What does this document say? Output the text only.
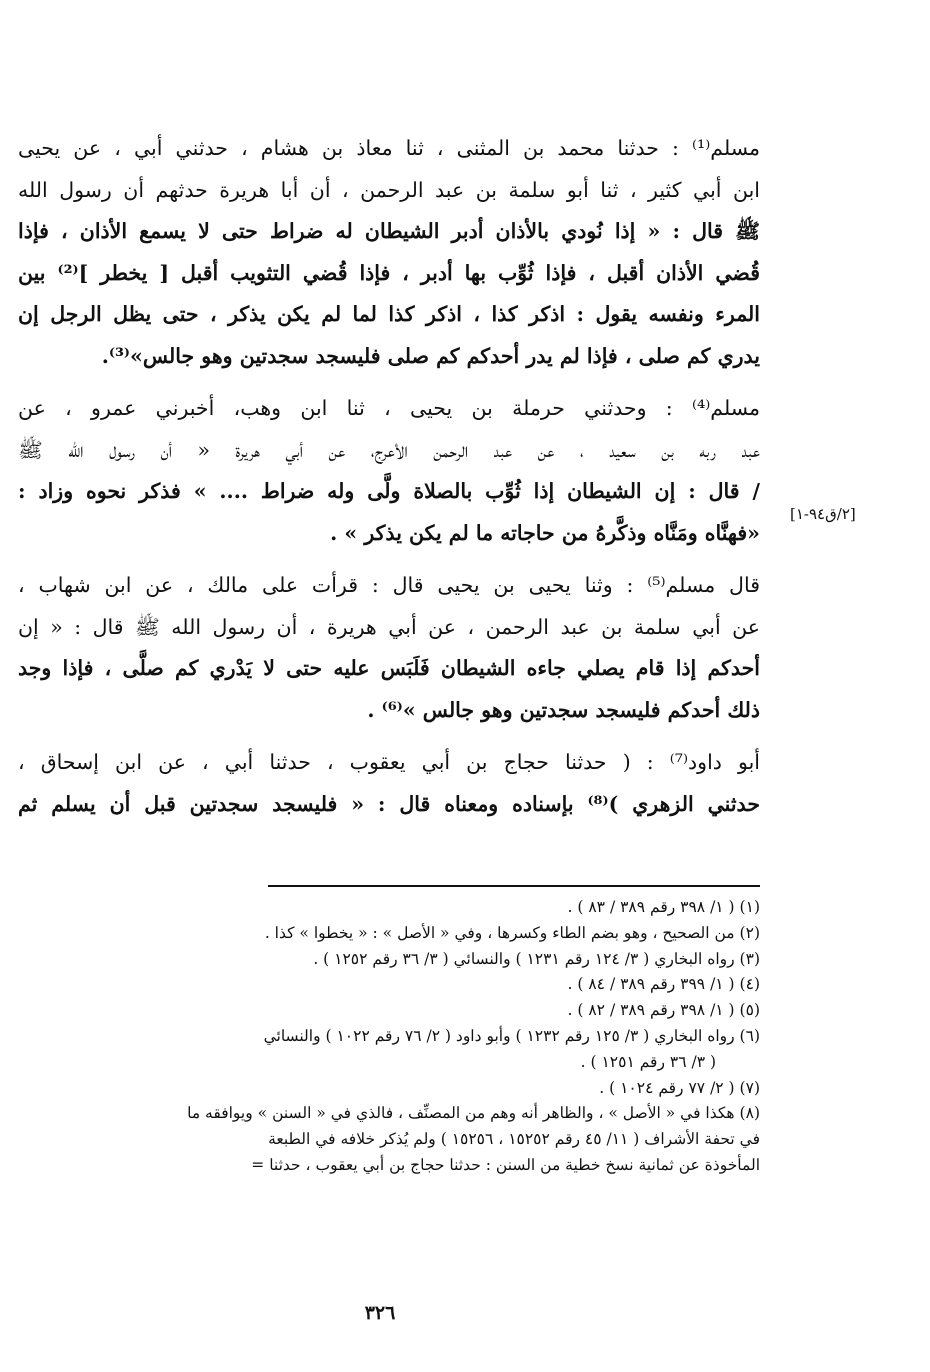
مسلم⁽¹⁾ : حدثنا محمد بن المثنى ، ثنا معاذ بن هشام ، حدثني أبي ، عن يحيى
ابن أبي كثير ، ثنا أبو سلمة بن عبد الرحمن ، أن أبا هريرة حدثهم أن رسول الله
ﷺ قال : « إذا نُودي بالأذان أدبر الشيطان له ضراط حتى لا يسمع الأذان ، فإذا
قُضي الأذان أقبل ، فإذا ثُوِّب بها أدبر ، فإذا قُضي التثويب أقبل [ يخطر ]⁽²⁾ بين
المرء ونفسه يقول : اذكر كذا ، اذكر كذا لما لم يكن يذكر ، حتى يظل الرجل إن
يدري كم صلى ، فإذا لم يدر أحدكم كم صلى فليسجد سجدتين وهو جالس»⁽³⁾.

مسلم⁽⁴⁾ : وحدثني حرملة بن يحيى ، ثنا ابن وهب، أخبرني عمرو ، عن
عبد ربه بن سعيد ، عن عبد الرحمن الأعرج، عن أبي هريرة « أن رسول الله ﷺ
/ قال : إن الشيطان إذا ثُوِّب بالصلاة ولَّى وله ضراط .... » فذكر نحوه وزاد :
«فهنَّاه ومَنَّاه وذكَّرهُ من حاجاته ما لم يكن يذكر » .

قال مسلم⁽⁵⁾ : وثنا يحيى بن يحيى قال : قرأت على مالك ، عن ابن شهاب ،
عن أبي سلمة بن عبد الرحمن ، عن أبي هريرة ، أن رسول الله ﷺ قال : « إن
أحدكم إذا قام يصلي جاءه الشيطان فَلَبَس عليه حتى لا يَدْري كم صلَّى ، فإذا وجد
ذلك أحدكم فليسجد سجدتين وهو جالس »⁽⁶⁾ .

أبو داود⁽⁷⁾ : ( حدثنا حجاج بن أبي يعقوب ، حدثنا أبي ، عن ابن إسحاق ،
حدثني الزهري )⁽⁸⁾ بإسناده ومعناه قال : « فليسجد سجدتين قبل أن يسلم ثم

[٢/ق٩٤-١]
(١) ( ١/ ٣٩٨ رقم ٣٨٩ / ٨٣ ) .
(٢) من الصحيح ، وهو بضم الطاء وكسرها ، وفي « الأصل » : « يخطوا » كذا .
(٣) رواه البخاري ( ٣/ ١٢٤ رقم ١٢٣١ ) والنسائي ( ٣/ ٣٦ رقم ١٢٥٢ ) .
(٤) ( ١/ ٣٩٩ رقم ٣٨٩ / ٨٤ ) .
(٥) ( ١/ ٣٩٨ رقم ٣٨٩ / ٨٢ ) .
(٦) رواه البخاري ( ٣/ ١٢٥ رقم ١٢٣٢ ) وأبو داود ( ٢/ ٧٦ رقم ١٠٢٢ ) والنسائي
( ٣/ ٣٦ رقم ١٢٥١ ) .
(٧) ( ٢/ ٧٧ رقم ١٠٢٤ ) .
(٨) هكذا في « الأصل » ، والظاهر أنه وهم من المصنِّف ، فالذي في « السنن » ويوافقه ما
في تحفة الأشراف ( ١١/ ٤٥ رقم ١٥٢٥٢ ، ١٥٢٥٦ ) ولم يُذكر خلافه في الطبعة
المأخوذة عن ثمانية نسخ خطية من السنن : حدثنا حجاج بن أبي يعقوب ، حدثنا =
٣٢٦
